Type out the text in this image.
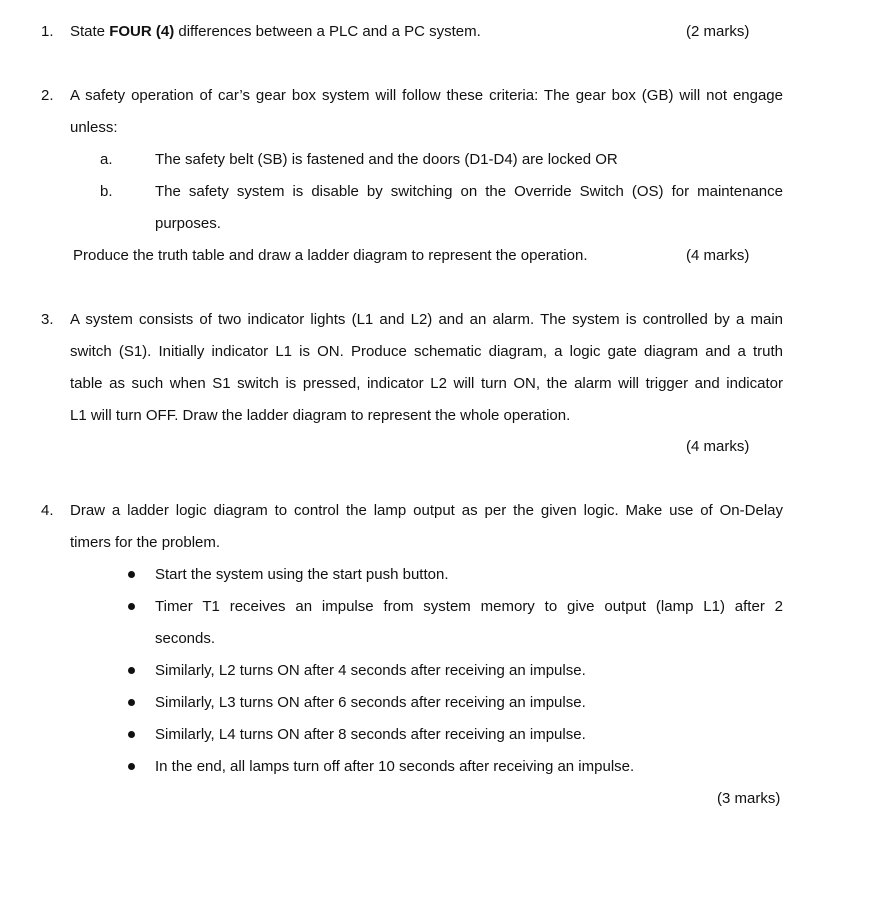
1. State FOUR (4) differences between a PLC and a PC system.	(2 marks)
2. A safety operation of car’s gear box system will follow these criteria: The gear box (GB) will not engage
unless:
a.	The safety belt (SB) is fastened and the doors (D1-D4) are locked OR
b.	The safety system is disable by switching on the Override Switch (OS) for maintenance
purposes.
Produce the truth table and draw a ladder diagram to represent the operation.	(4 marks)
3. A system consists of two indicator lights (L1 and L2) and an alarm. The system is controlled by a main
switch (S1). Initially indicator L1 is ON. Produce schematic diagram, a logic gate diagram and a truth
table as such when S1 switch is pressed, indicator L2 will turn ON, the alarm will trigger and indicator
L1 will turn OFF. Draw the ladder diagram to represent the whole operation.
(4 marks)
4. Draw a ladder logic diagram to control the lamp output as per the given logic. Make use of On-Delay
timers for the problem.
Start the system using the start push button.
Timer T1 receives an impulse from system memory to give output (lamp L1) after 2
seconds.
Similarly, L2 turns ON after 4 seconds after receiving an impulse.
Similarly, L3 turns ON after 6 seconds after receiving an impulse.
Similarly, L4 turns ON after 8 seconds after receiving an impulse.
In the end, all lamps turn off after 10 seconds after receiving an impulse.
(3 marks)
